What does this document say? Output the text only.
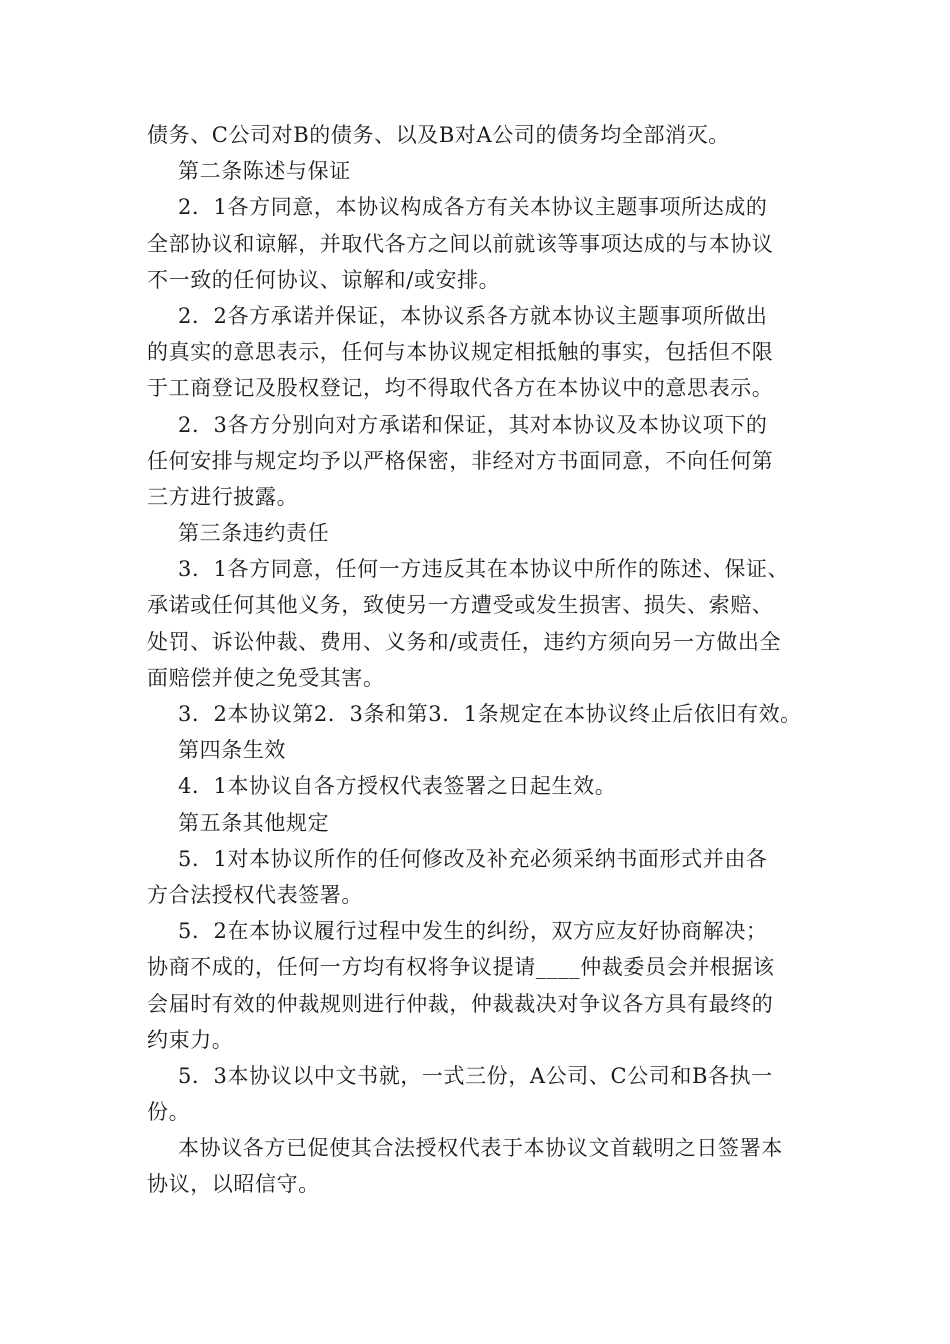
债务、C公司对B的债务、以及B对A公司的债务均全部消灭。
第二条陈述与保证
2．1各方同意，本协议构成各方有关本协议主题事项所达成的
全部协议和谅解，并取代各方之间以前就该等事项达成的与本协议
不一致的任何协议、谅解和/或安排。
2．2各方承诺并保证，本协议系各方就本协议主题事项所做出
的真实的意思表示，任何与本协议规定相抵触的事实，包括但不限
于工商登记及股权登记，均不得取代各方在本协议中的意思表示。
2．3各方分别向对方承诺和保证，其对本协议及本协议项下的
任何安排与规定均予以严格保密，非经对方书面同意，不向任何第
三方进行披露。
第三条违约责任
3．1各方同意，任何一方违反其在本协议中所作的陈述、保证、
承诺或任何其他义务，致使另一方遭受或发生损害、损失、索赔、
处罚、诉讼仲裁、费用、义务和/或责任，违约方须向另一方做出全
面赔偿并使之免受其害。
3．2本协议第2．3条和第3．1条规定在本协议终止后依旧有效。
第四条生效
4．1本协议自各方授权代表签署之日起生效。
第五条其他规定
5．1对本协议所作的任何修改及补充必须采纳书面形式并由各
方合法授权代表签署。
5．2在本协议履行过程中发生的纠纷，双方应友好协商解决；
协商不成的，任何一方均有权将争议提请____仲裁委员会并根据该
会届时有效的仲裁规则进行仲裁，仲裁裁决对争议各方具有最终的
约束力。
5．3本协议以中文书就，一式三份，A公司、C公司和B各执一
份。
本协议各方已促使其合法授权代表于本协议文首载明之日签署本
协议，以昭信守。
